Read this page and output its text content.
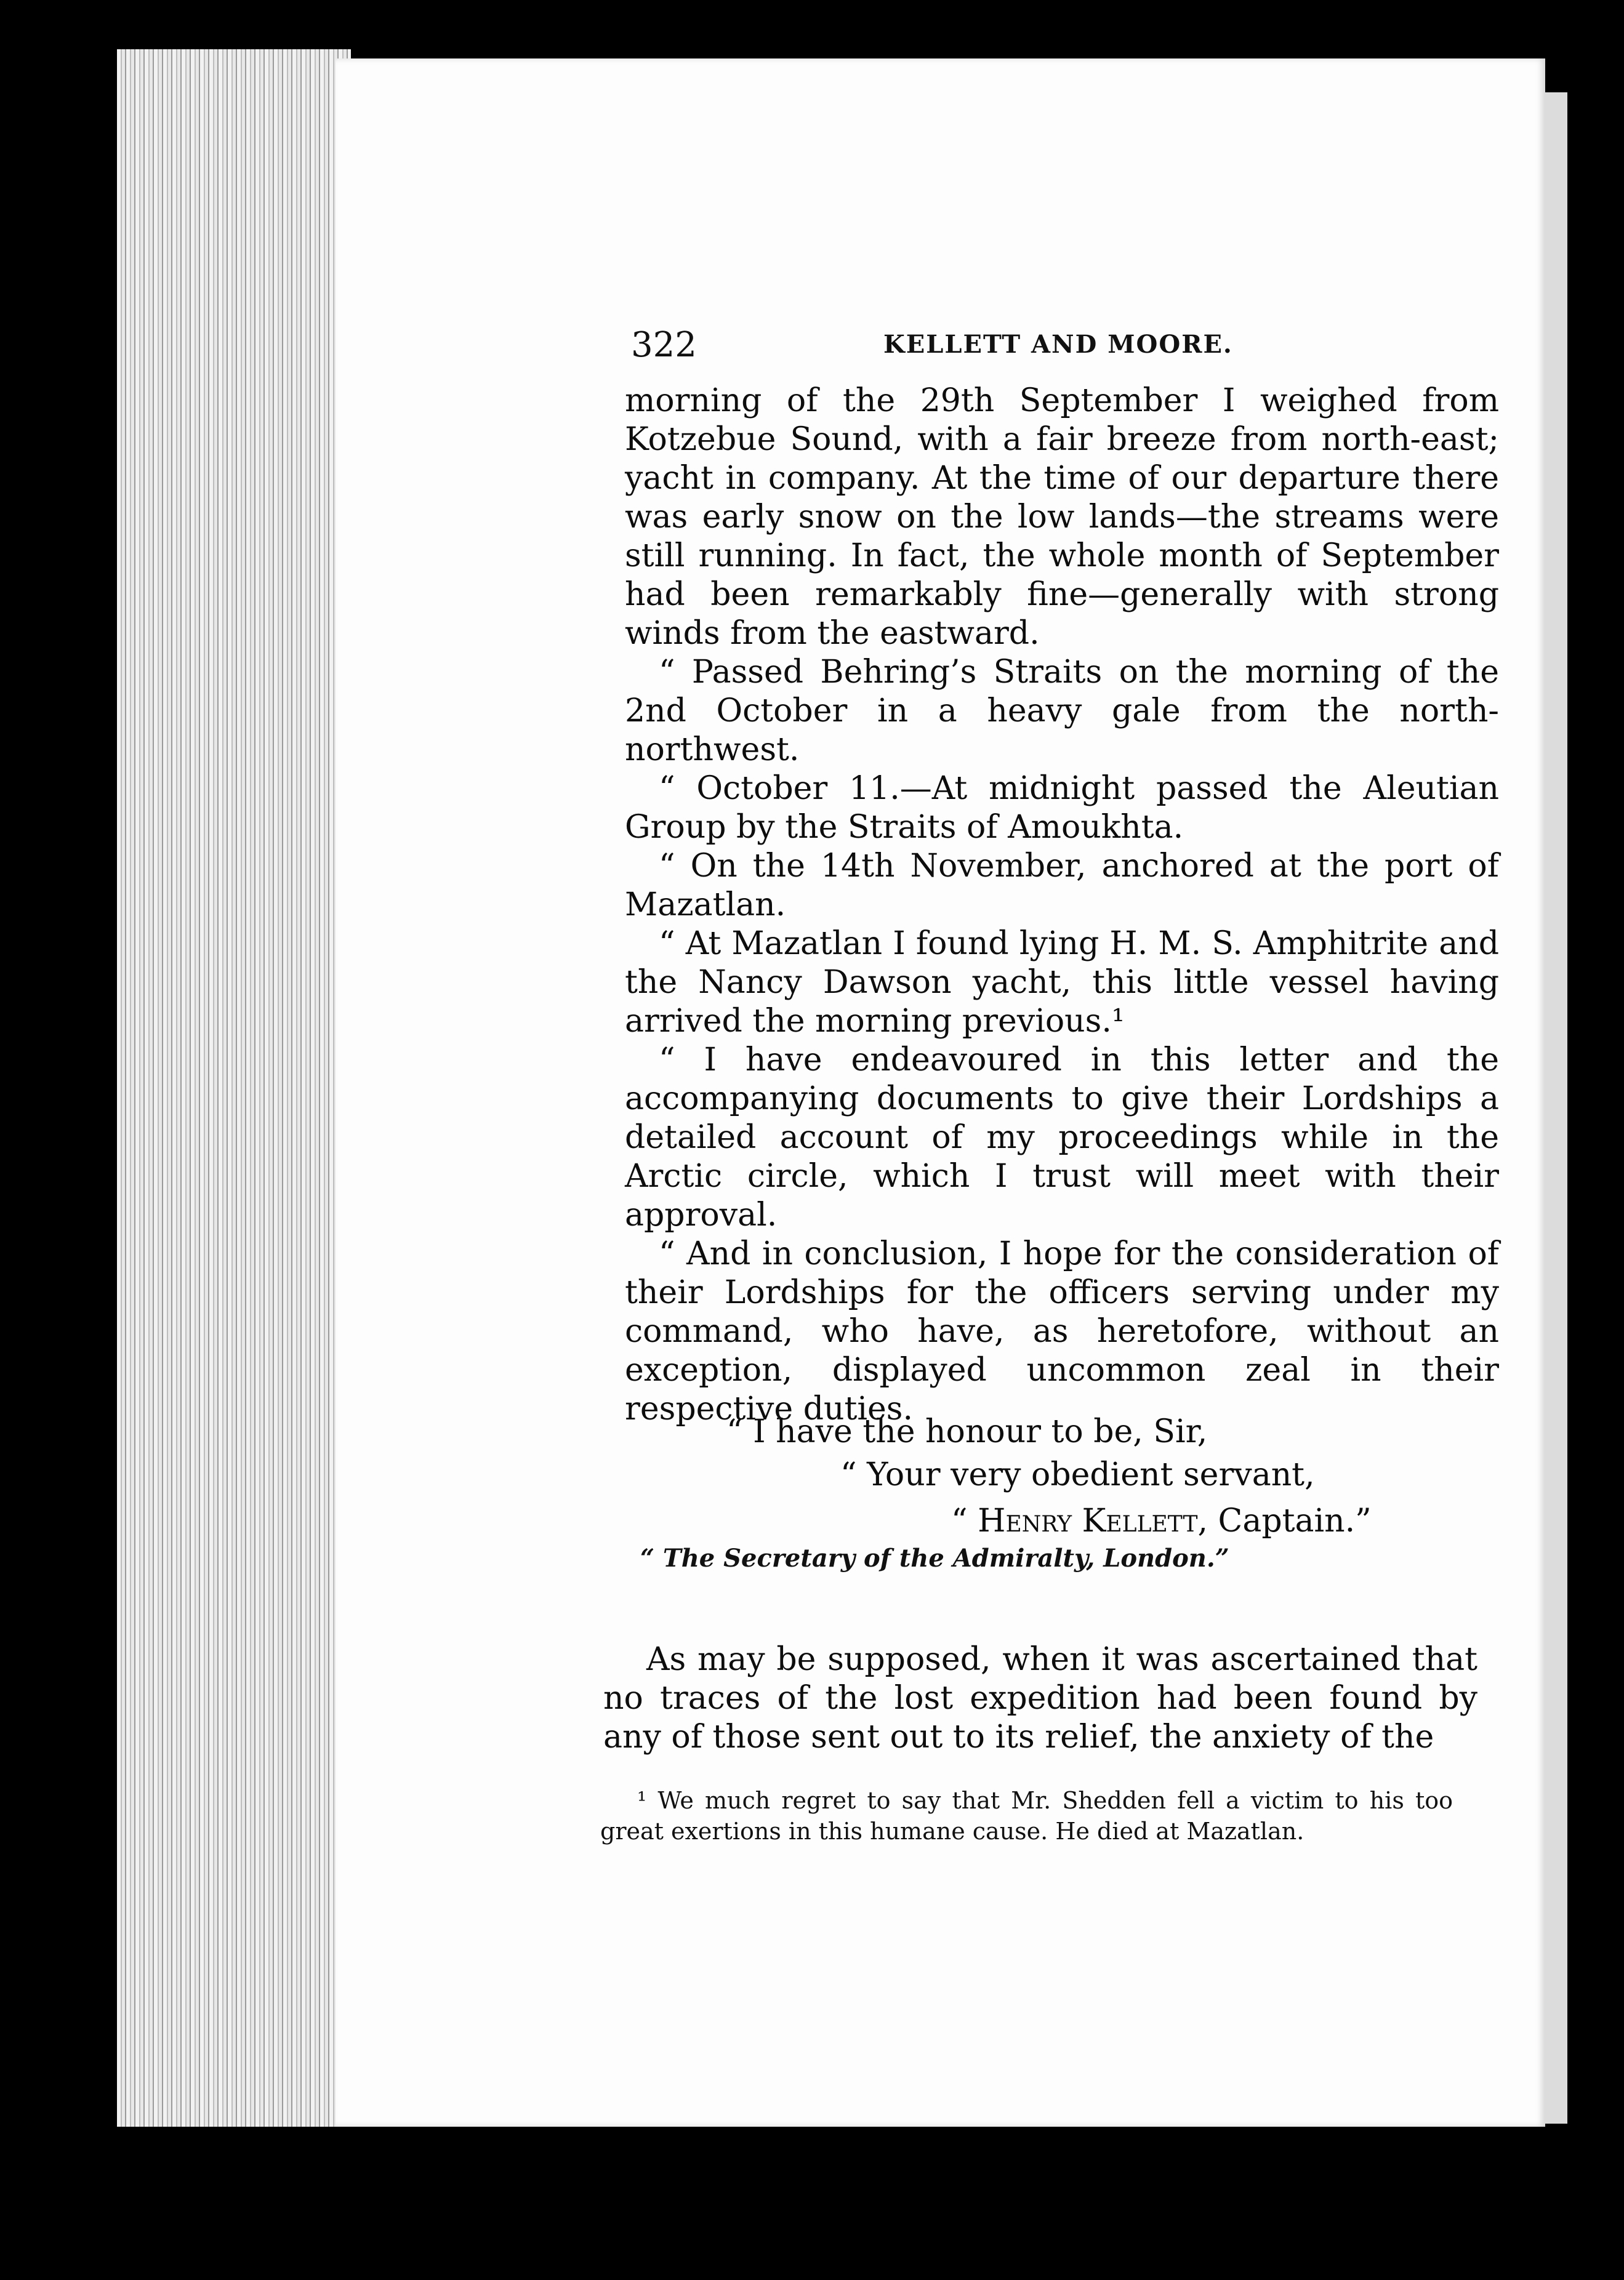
322	KELLETT AND MOORE.

morning of the 29th September I weighed from Kotzebue Sound, with a fair breeze from north-east; yacht in company. At the time of our departure there was early snow on the low lands—the streams were still running. In fact, the whole month of September had been remarkably fine—generally with strong winds from the eastward.

“ Passed Behring’s Straits on the morning of the 2nd October in a heavy gale from the north-northwest.

“ October 11.—At midnight passed the Aleutian Group by the Straits of Amoukhta.

“ On the 14th November, anchored at the port of Mazatlan.

“ At Mazatlan I found lying H. M. S. Amphitrite and the Nancy Dawson yacht, this little vessel having arrived the morning previous.¹

“ I have endeavoured in this letter and the accompanying documents to give their Lordships a detailed account of my proceedings while in the Arctic circle, which I trust will meet with their approval.

“ And in conclusion, I hope for the consideration of their Lordships for the officers serving under my command, who have, as heretofore, without an exception, displayed uncommon zeal in their respective duties.

“ I have the honour to be, Sir,
“ Your very obedient servant,
“ Henry Kellett, Captain.”
“ The Secretary of the Admiralty, London.”
As may be supposed, when it was ascertained that no traces of the lost expedition had been found by any of those sent out to its relief, the anxiety of the
¹ We much regret to say that Mr. Shedden fell a victim to his too great exertions in this humane cause. He died at Mazatlan.
